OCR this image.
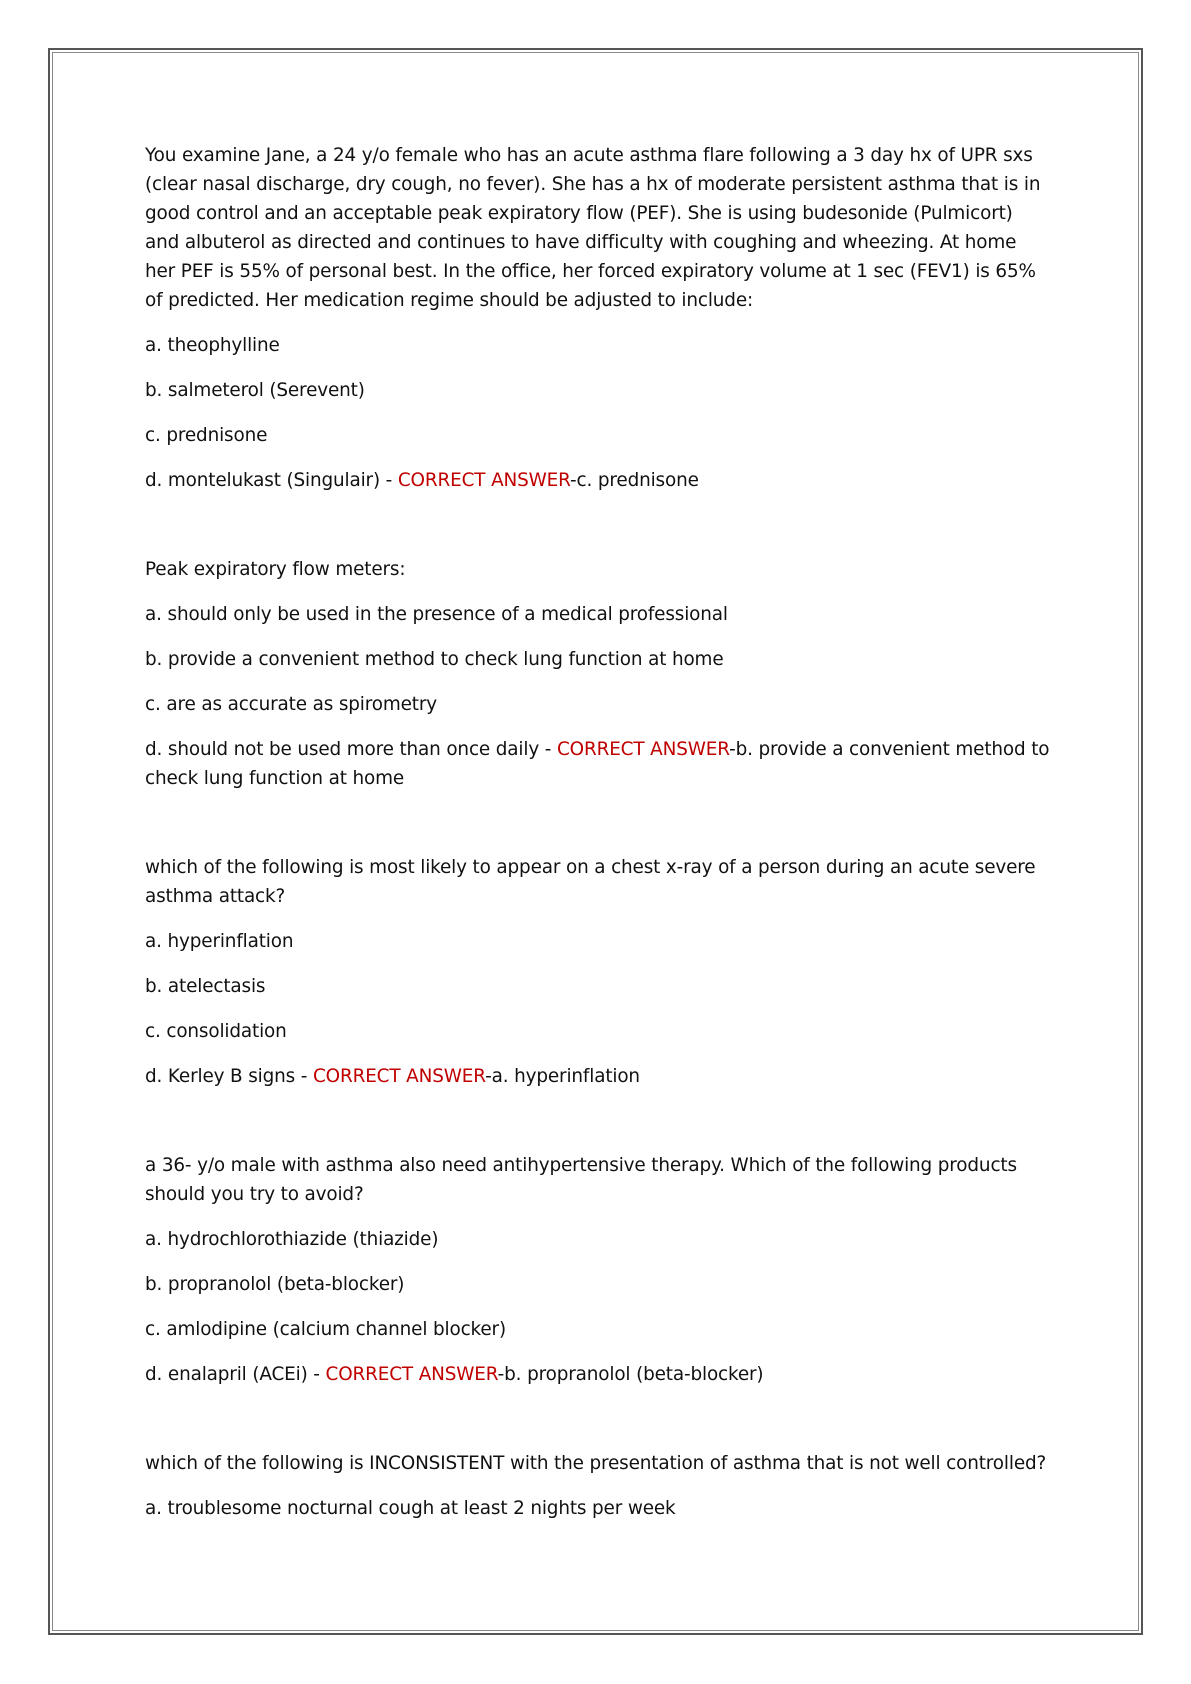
You examine Jane, a 24 y/o female who has an acute asthma flare following a 3 day hx of UPR sxs (clear nasal discharge, dry cough, no fever). She has a hx of moderate persistent asthma that is in good control and an acceptable peak expiratory flow (PEF). She is using budesonide (Pulmicort) and albuterol as directed and continues to have difficulty with coughing and wheezing. At home her PEF is 55% of personal best. In the office, her forced expiratory volume at 1 sec (FEV1) is 65% of predicted. Her medication regime should be adjusted to include:

a. theophylline

b. salmeterol (Serevent)

c. prednisone

d. montelukast (Singulair) - CORRECT ANSWER-c. prednisone

Peak expiratory flow meters:

a. should only be used in the presence of a medical professional

b. provide a convenient method to check lung function at home

c. are as accurate as spirometry

d. should not be used more than once daily - CORRECT ANSWER-b. provide a convenient method to check lung function at home

which of the following is most likely to appear on a chest x-ray of a person during an acute severe asthma attack?

a. hyperinflation

b. atelectasis

c. consolidation

d. Kerley B signs - CORRECT ANSWER-a. hyperinflation

a 36- y/o male with asthma also need antihypertensive therapy. Which of the following products should you try to avoid?

a. hydrochlorothiazide (thiazide)

b. propranolol (beta-blocker)

c. amlodipine (calcium channel blocker)

d. enalapril (ACEi) - CORRECT ANSWER-b. propranolol (beta-blocker)

which of the following is INCONSISTENT with the presentation of asthma that is not well controlled?

a. troublesome nocturnal cough at least 2 nights per week
